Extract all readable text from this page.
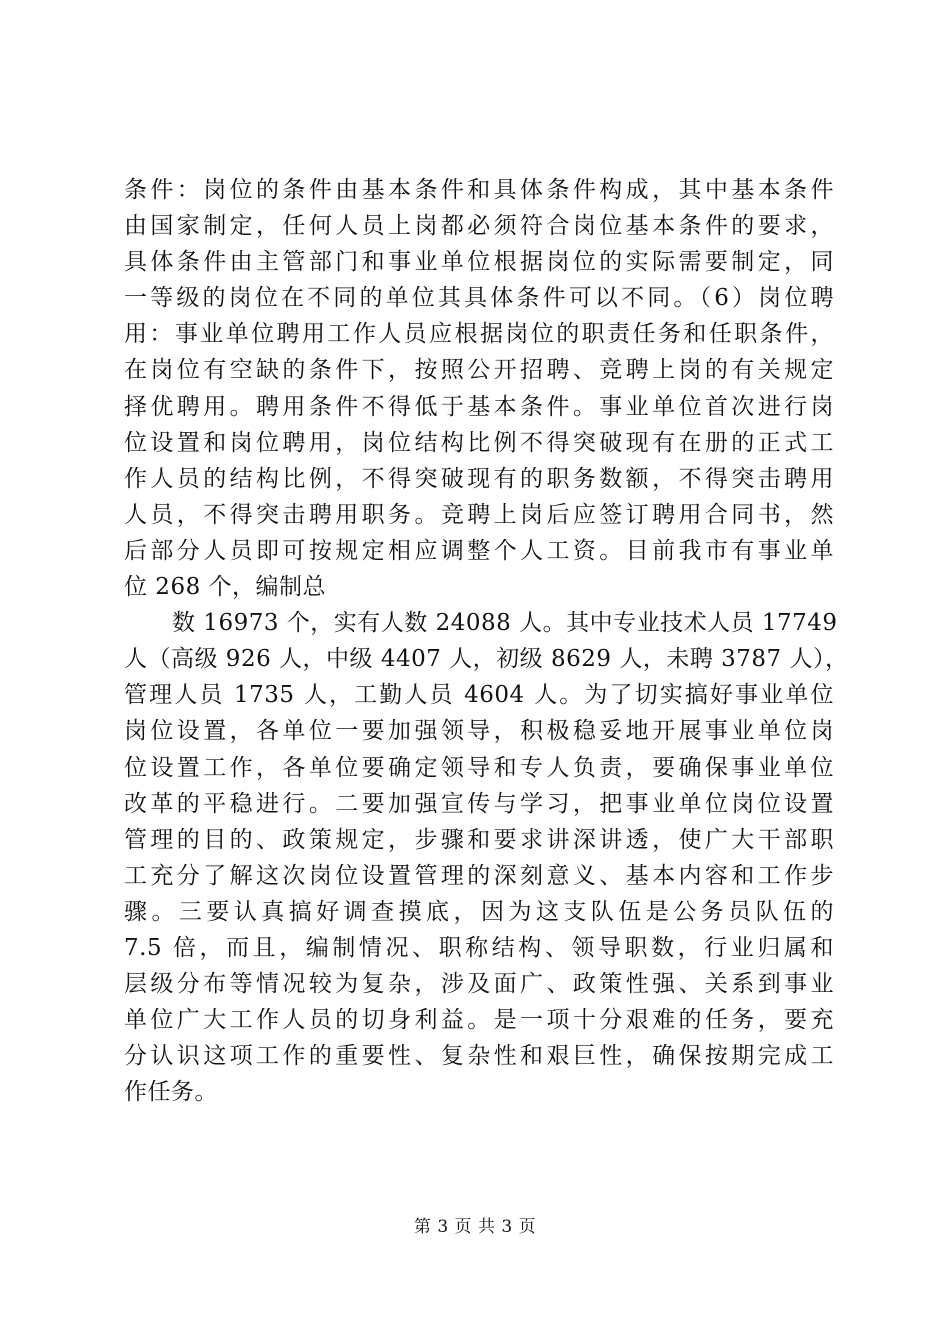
条件：岗位的条件由基本条件和具体条件构成，其中基本条件
由国家制定，任何人员上岗都必须符合岗位基本条件的要求，
具体条件由主管部门和事业单位根据岗位的实际需要制定，同
一等级的岗位在不同的单位其具体条件可以不同。（6）岗位聘
用：事业单位聘用工作人员应根据岗位的职责任务和任职条件，
在岗位有空缺的条件下，按照公开招聘、竞聘上岗的有关规定
择优聘用。聘用条件不得低于基本条件。事业单位首次进行岗
位设置和岗位聘用，岗位结构比例不得突破现有在册的正式工
作人员的结构比例，不得突破现有的职务数额，不得突击聘用
人员，不得突击聘用职务。竞聘上岗后应签订聘用合同书，然
后部分人员即可按规定相应调整个人工资。目前我市有事业单
位 268 个，编制总
数 16973 个，实有人数 24088 人。其中专业技术人员 17749
人（高级 926 人，中级 4407 人，初级 8629 人，未聘 3787 人），
管理人员 1735 人，工勤人员 4604 人。为了切实搞好事业单位
岗位设置，各单位一要加强领导，积极稳妥地开展事业单位岗
位设置工作，各单位要确定领导和专人负责，要确保事业单位
改革的平稳进行。二要加强宣传与学习，把事业单位岗位设置
管理的目的、政策规定，步骤和要求讲深讲透，使广大干部职
工充分了解这次岗位设置管理的深刻意义、基本内容和工作步
骤。三要认真搞好调查摸底，因为这支队伍是公务员队伍的
7.5 倍，而且，编制情况、职称结构、领导职数，行业归属和
层级分布等情况较为复杂，涉及面广、政策性强、关系到事业
单位广大工作人员的切身利益。是一项十分艰难的任务，要充
分认识这项工作的重要性、复杂性和艰巨性，确保按期完成工
作任务。
第 3 页 共 3 页
